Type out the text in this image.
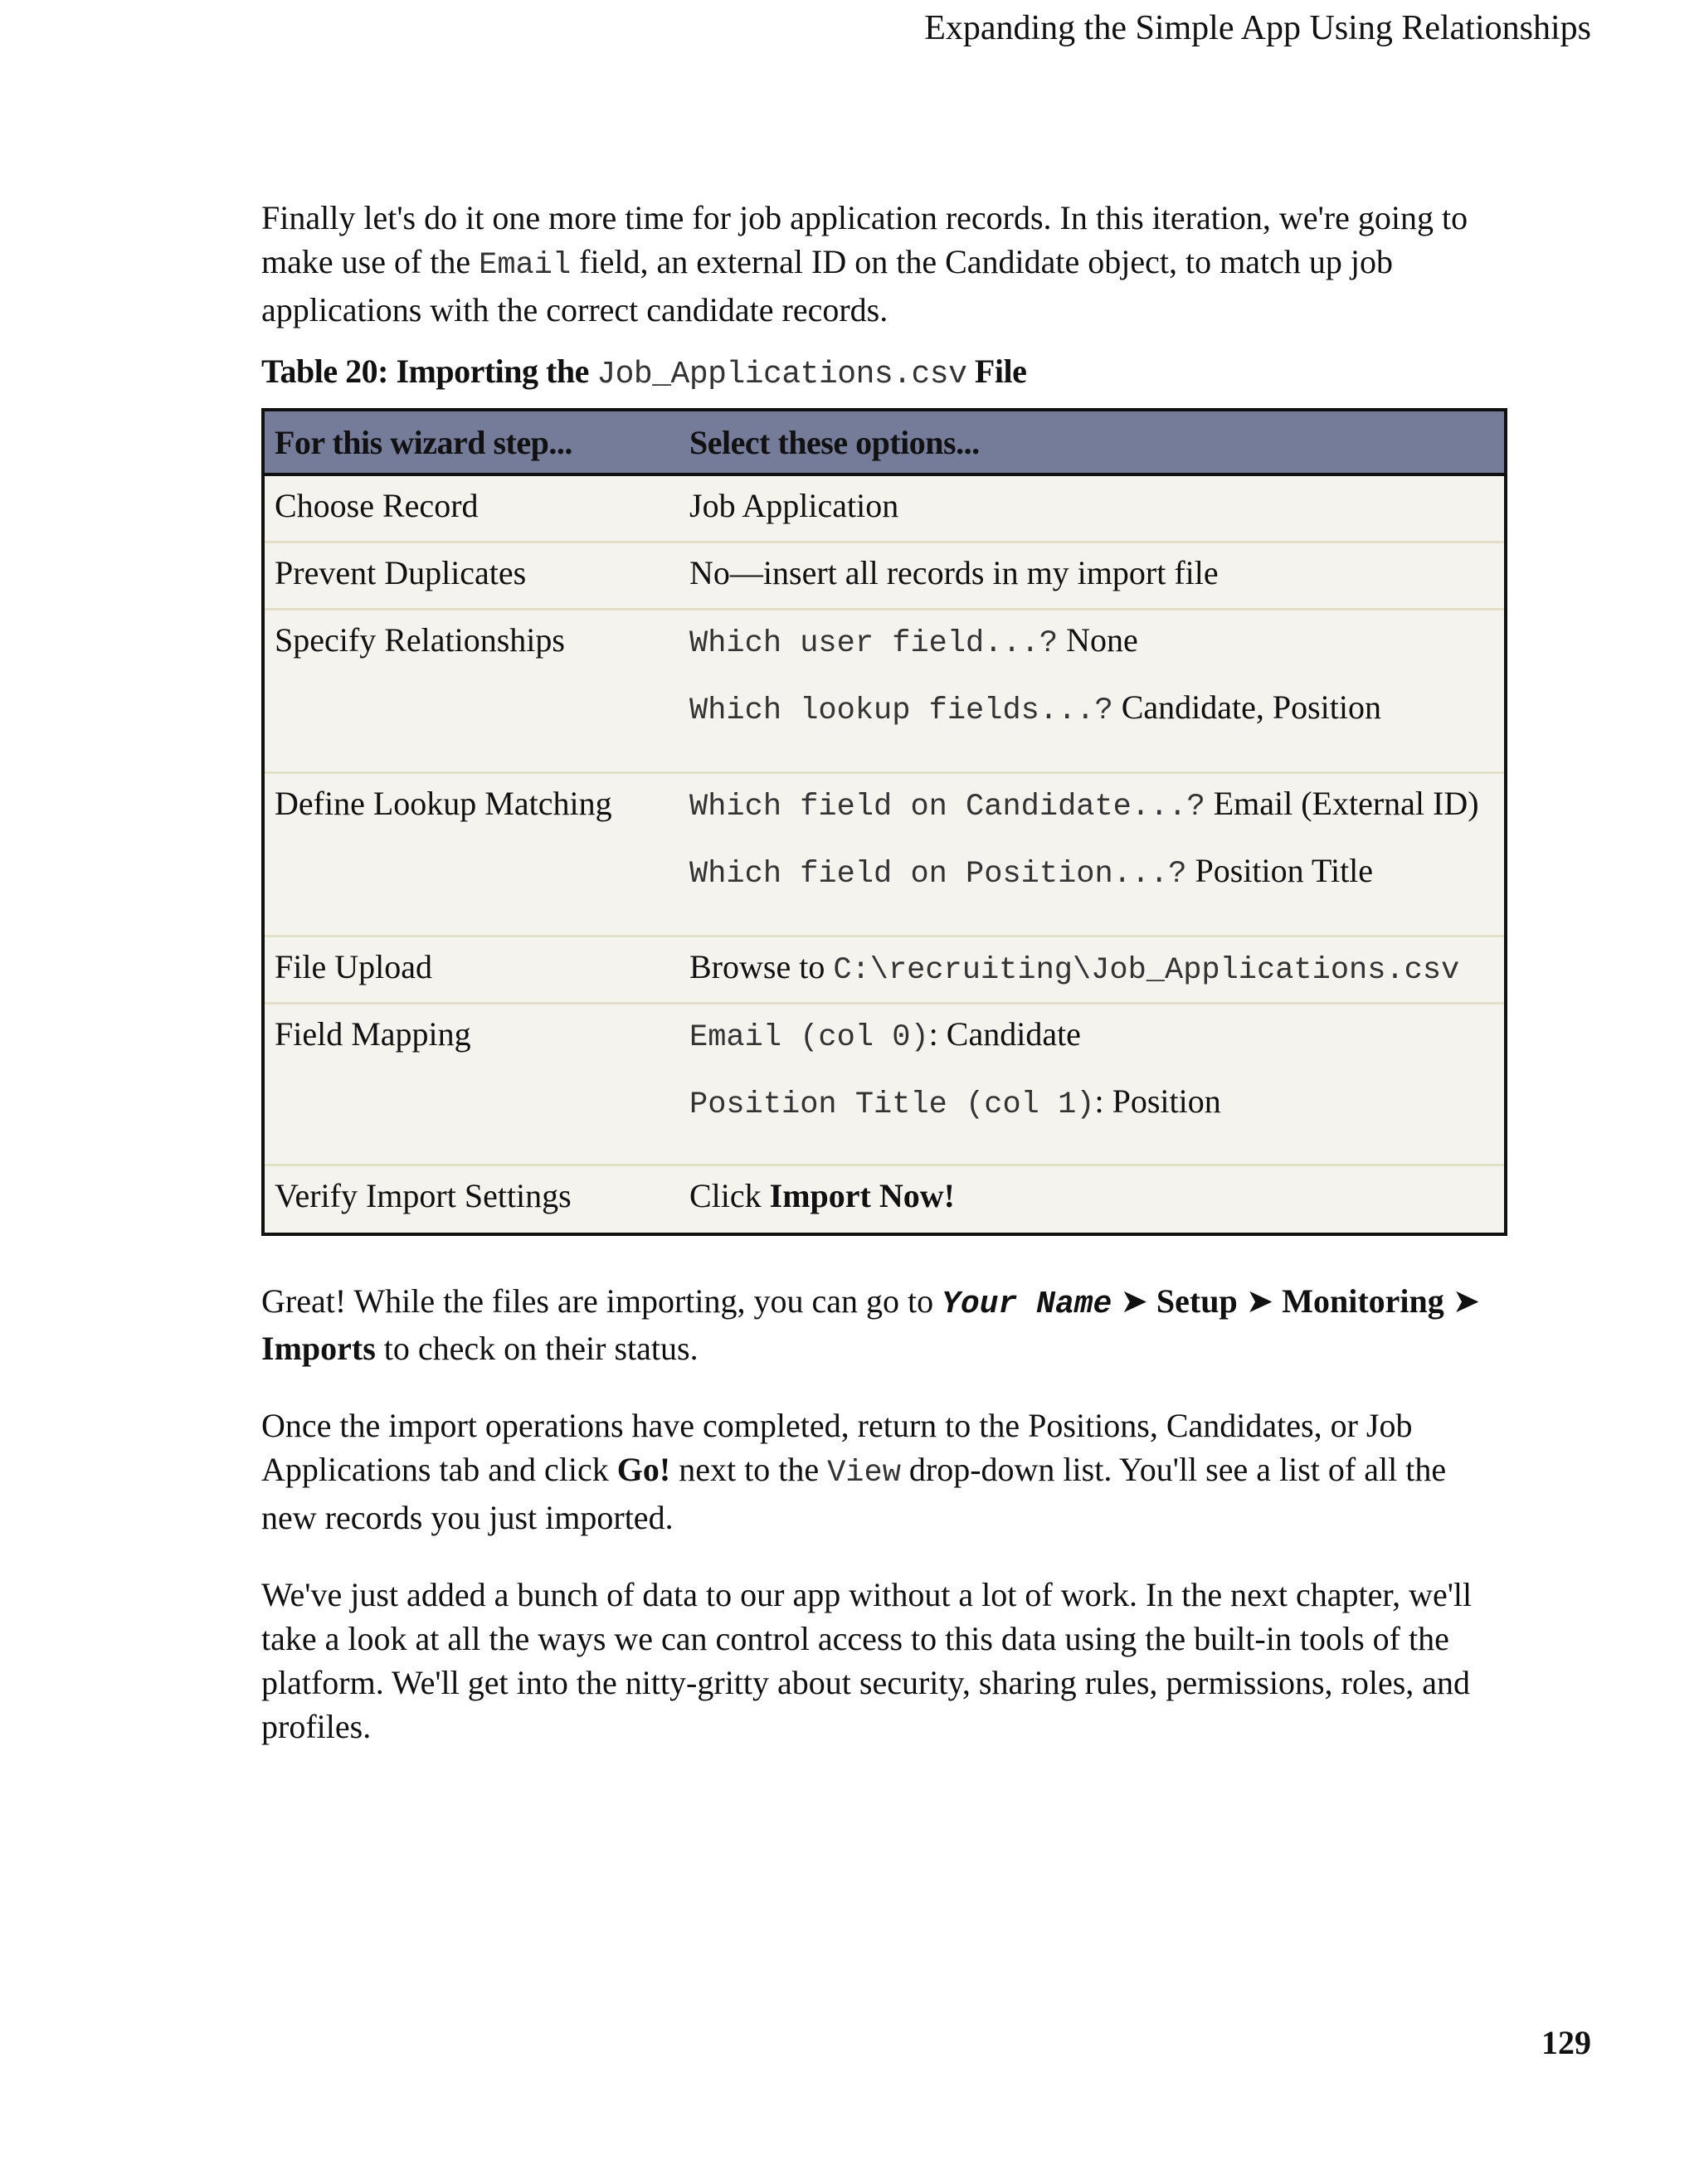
Expanding the Simple App Using Relationships

Finally let's do it one more time for job application records. In this iteration, we're going to make use of the Email field, an external ID on the Candidate object, to match up job applications with the correct candidate records.

Table 20: Importing the Job_Applications.csv File
For this wizard step...	Select these options...
Choose Record	Job Application
Prevent Duplicates	No—insert all records in my import file
Specify Relationships	Which user field...? None
Which lookup fields...? Candidate, Position

Define Lookup Matching	Which field on Candidate...? Email (External ID)
Which field on Position...? Position Title

File Upload	Browse to C:\recruiting\Job_Applications.csv
Field Mapping	Email (col 0): Candidate
Position Title (col 1): Position

Verify Import Settings	Click Import Now!

Great! While the files are importing, you can go to Your Name ➤ Setup ➤ Monitoring ➤ Imports to check on their status.

Once the import operations have completed, return to the Positions, Candidates, or Job Applications tab and click Go! next to the View drop-down list. You'll see a list of all the new records you just imported.

We've just added a bunch of data to our app without a lot of work. In the next chapter, we'll take a look at all the ways we can control access to this data using the built-in tools of the platform. We'll get into the nitty-gritty about security, sharing rules, permissions, roles, and profiles.

129
